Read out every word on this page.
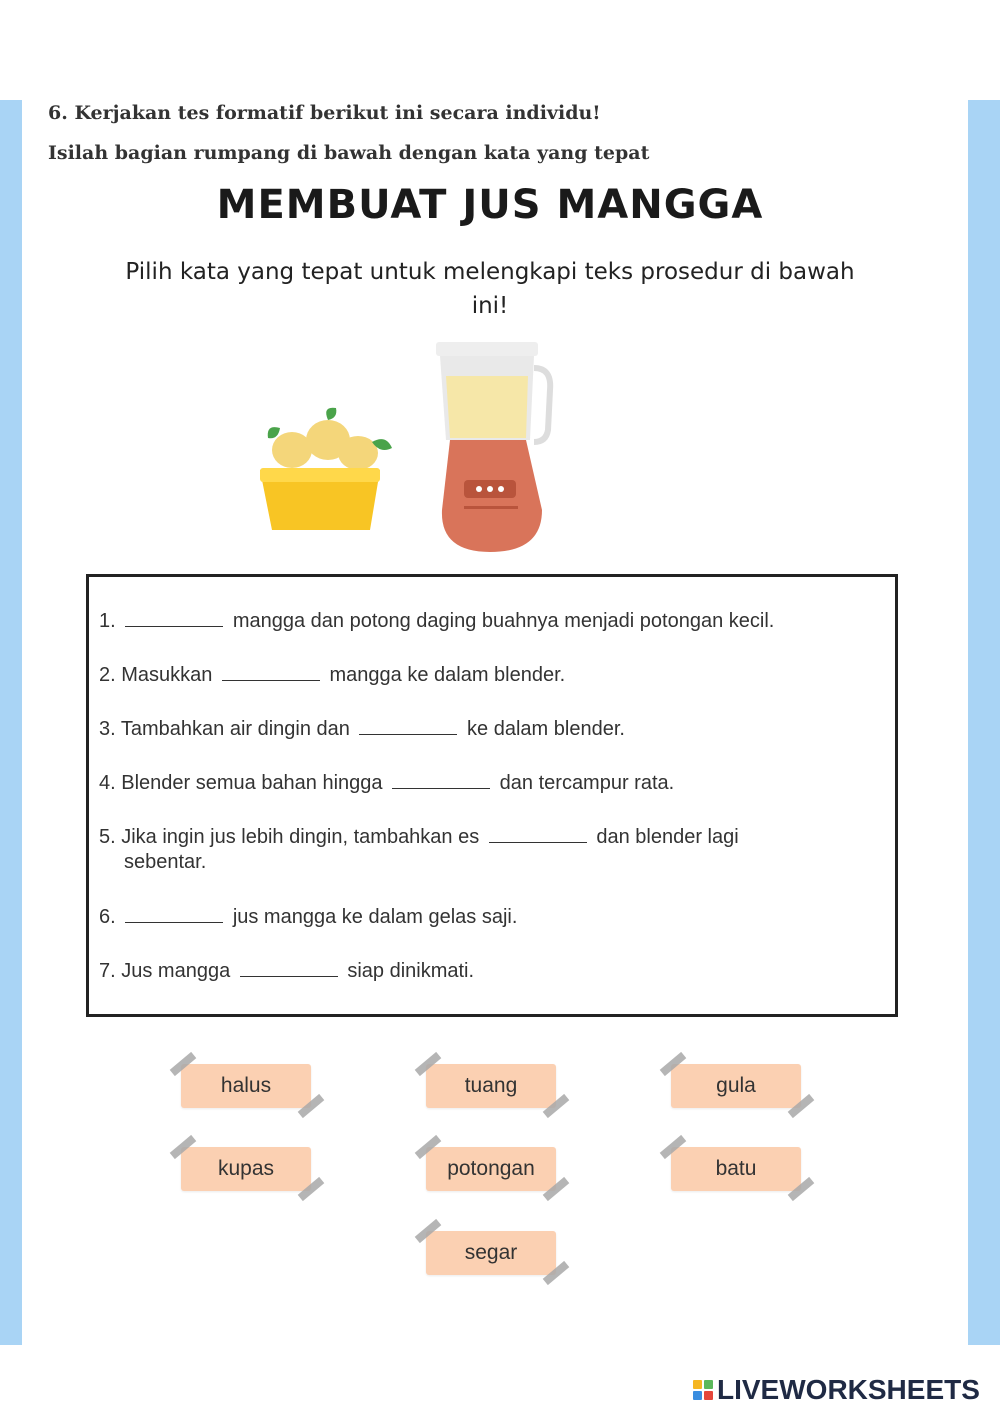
6. Kerjakan tes formatif berikut ini secara individu!
Isilah bagian rumpang di bawah dengan kata yang tepat
MEMBUAT JUS MANGGA
Pilih kata yang tepat untuk melengkapi teks prosedur di bawah ini!
1.	mangga dan potong daging buahnya menjadi potongan kecil.
2. Masukkan	mangga ke dalam blender.
3. Tambahkan air dingin dan	ke dalam blender.
4. Blender semua bahan hingga	dan tercampur rata.
5. Jika ingin jus lebih dingin, tambahkan es	dan blender lagi
sebentar.
6.	jus mangga ke dalam gelas saji.
7. Jus mangga	siap dinikmati.
halus	tuang	gula
kupas	potongan	batu
segar
LIVEWORKSHEETS
